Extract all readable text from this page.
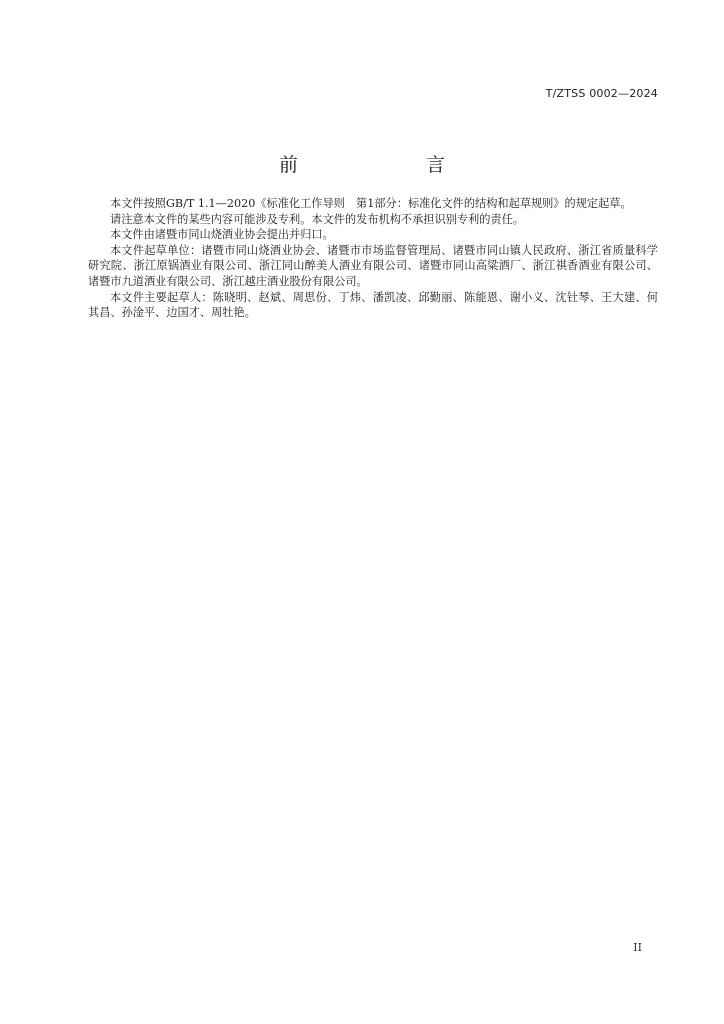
T/ZTSS 0002—2024
前　　言

本文件按照GB/T 1.1—2020《标准化工作导则　第1部分：标准化文件的结构和起草规则》的规定起草。

请注意本文件的某些内容可能涉及专利。本文件的发布机构不承担识别专利的责任。

本文件由诸暨市同山烧酒业协会提出并归口。

本文件起草单位：诸暨市同山烧酒业协会、诸暨市市场监督管理局、诸暨市同山镇人民政府、浙江省质量科学研究院、浙江原锅酒业有限公司、浙江同山醉美人酒业有限公司、诸暨市同山高粱酒厂、浙江祺香酒业有限公司、诸暨市九道酒业有限公司、浙江越庄酒业股份有限公司。

本文件主要起草人：陈晓明、赵斌、周思份、丁炜、潘凯凌、邱勤丽、陈能恩、谢小义、沈钍琴、王大建、何其昌、孙淦平、边国才、周牡艳。

II
